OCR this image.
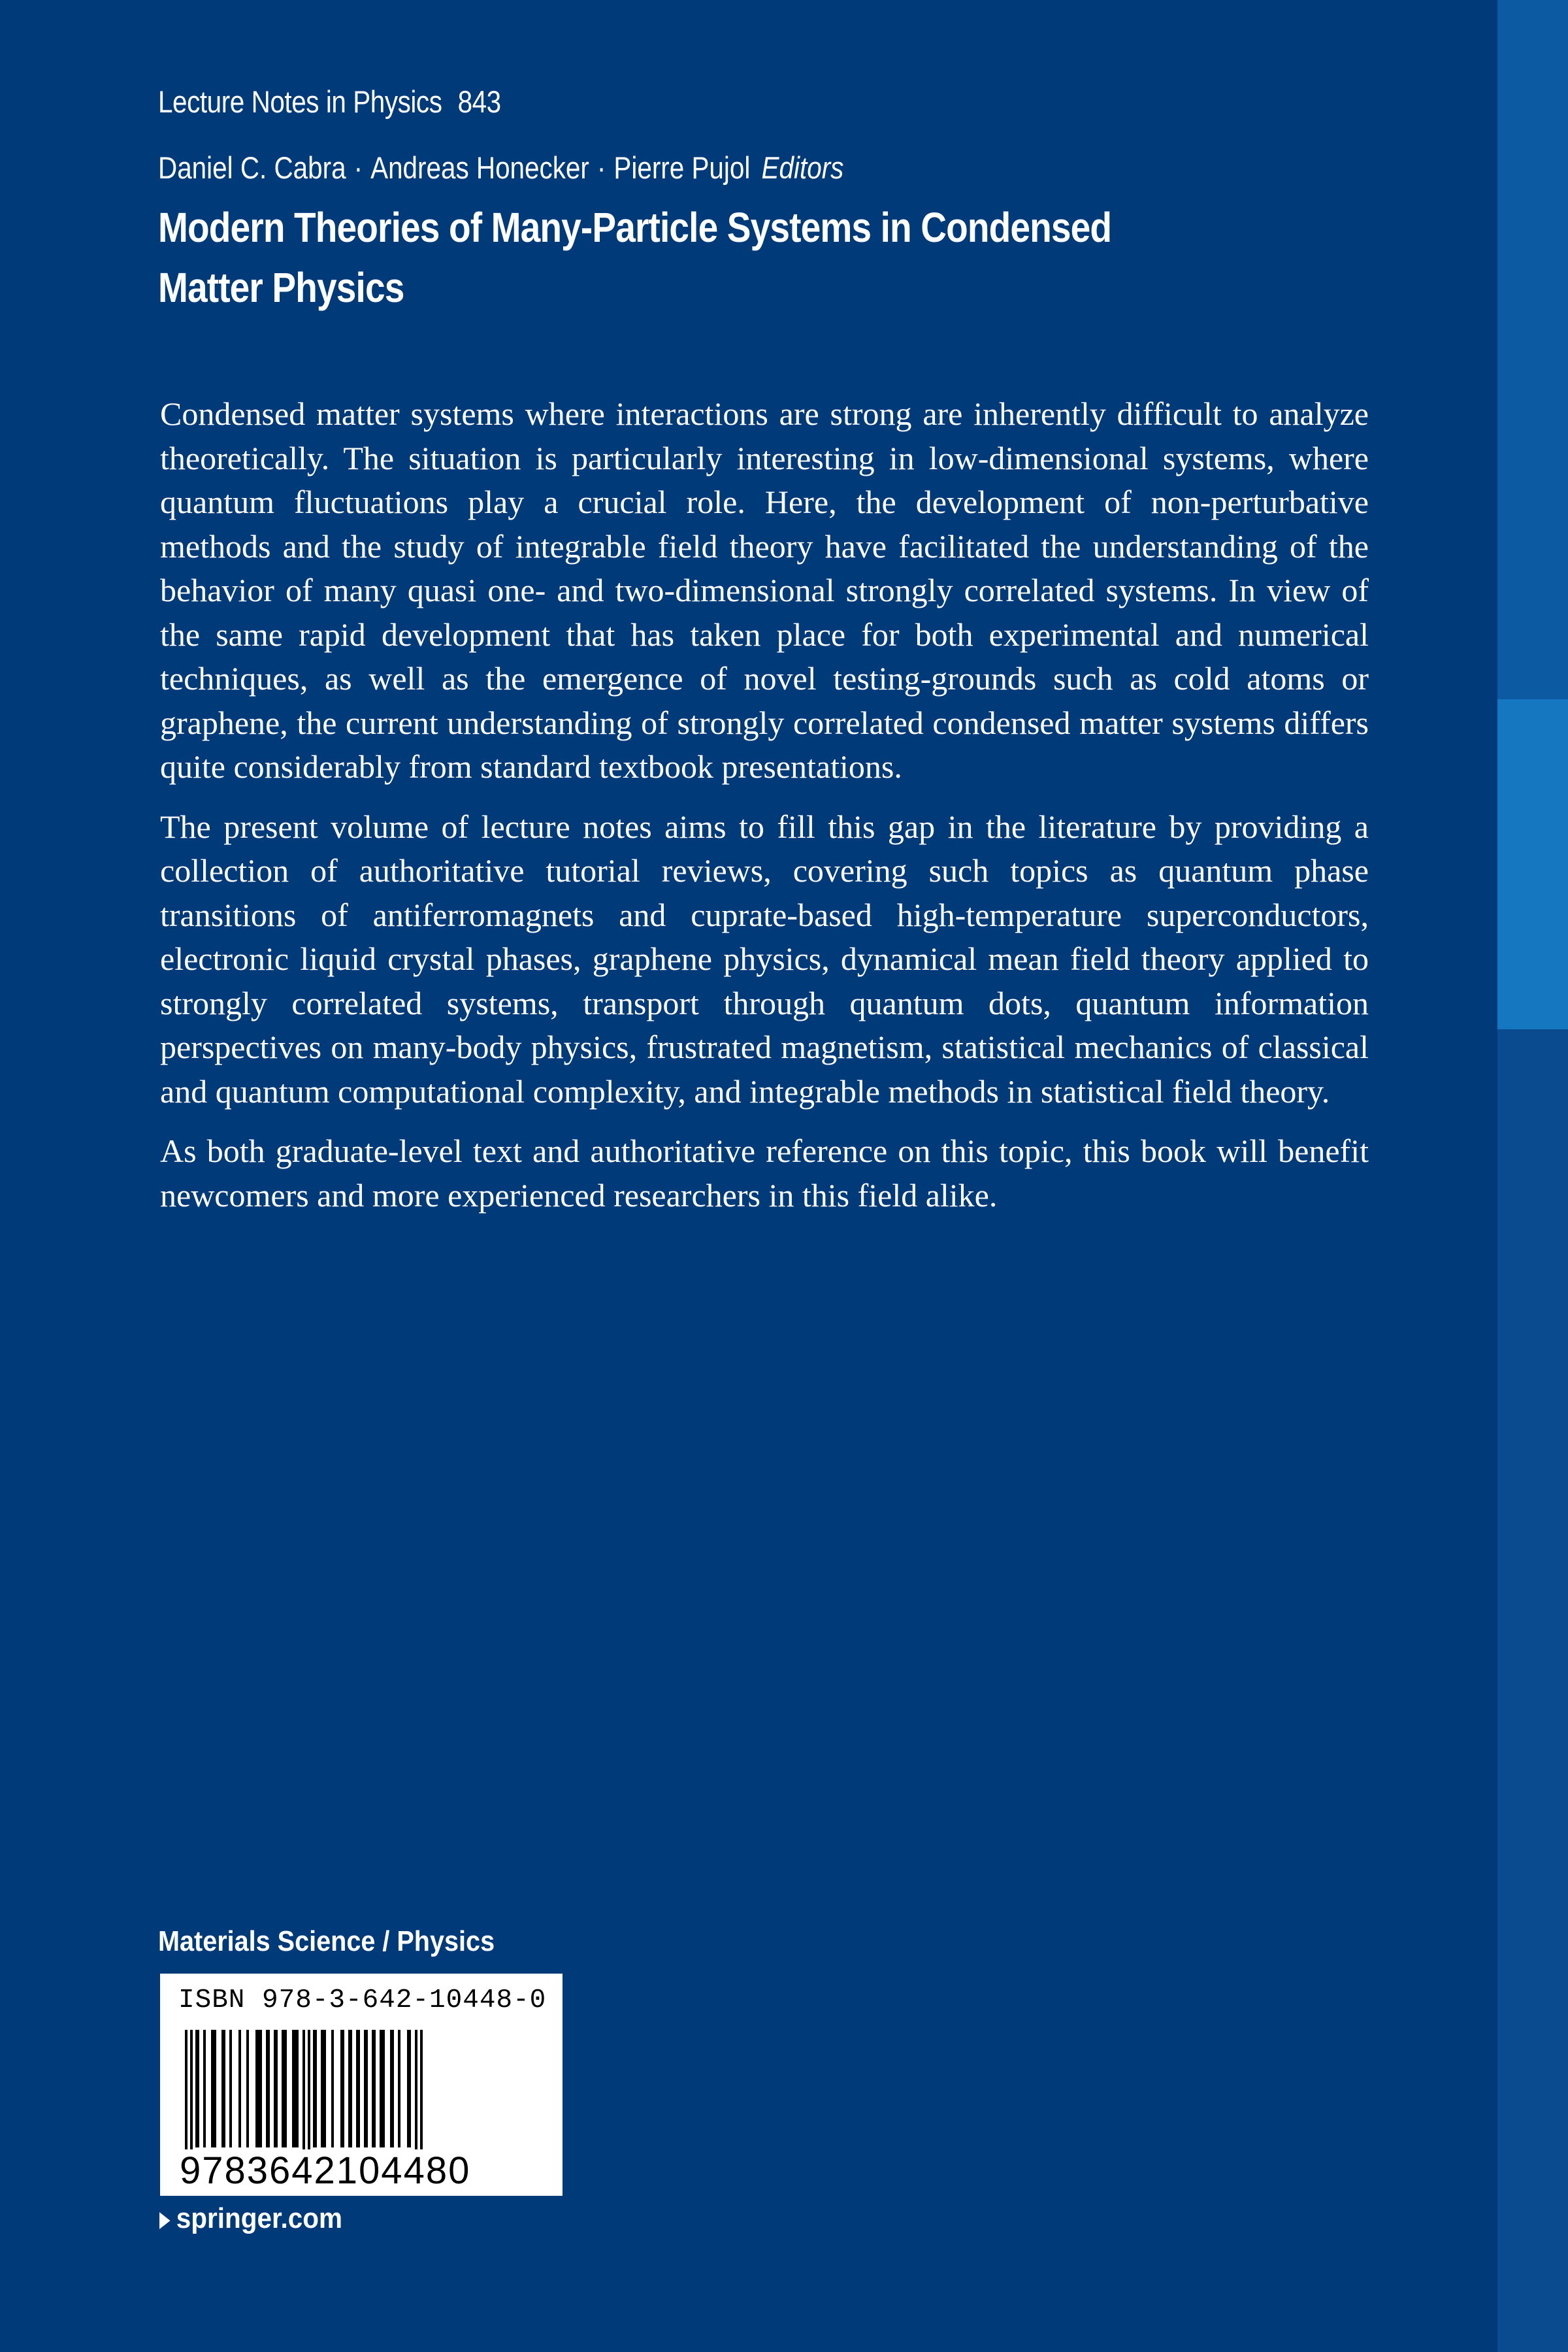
Lecture Notes in Physics 843
Daniel C. Cabra · Andreas Honecker · Pierre Pujol Editors
Modern Theories of Many-Particle Systems in Condensed
Matter Physics

Condensed matter systems where interactions are strong are inherently difficult to analyze theoretically. The situation is particularly interesting in low-dimensional systems, where quantum fluctuations play a crucial role. Here, the development of non-perturbative methods and the study of integrable field theory have facilitated the understanding of the behavior of many quasi one- and two-dimensional strongly correlated systems. In view of the same rapid development that has taken place for both experimental and numerical techniques, as well as the emergence of novel testing-grounds such as cold atoms or graphene, the current understanding of strongly correlated condensed matter systems differs quite considerably from standard textbook presentations.

The present volume of lecture notes aims to fill this gap in the literature by providing a collection of authoritative tutorial reviews, covering such topics as quantum phase transitions of antiferromagnets and cuprate-based high-temperature superconductors, electronic liquid crystal phases, graphene physics, dynamical mean field theory applied to strongly correlated systems, transport through quantum dots, quantum information perspectives on many-body physics, frustrated magnetism, statistical mechanics of classical and quantum computational complexity, and integrable methods in statistical field theory.

As both graduate-level text and authoritative reference on this topic, this book will benefit newcomers and more experienced researchers in this field alike.

Materials Science / Physics
ISBN 978-3-642-10448-0
9783642104480
springer.com
